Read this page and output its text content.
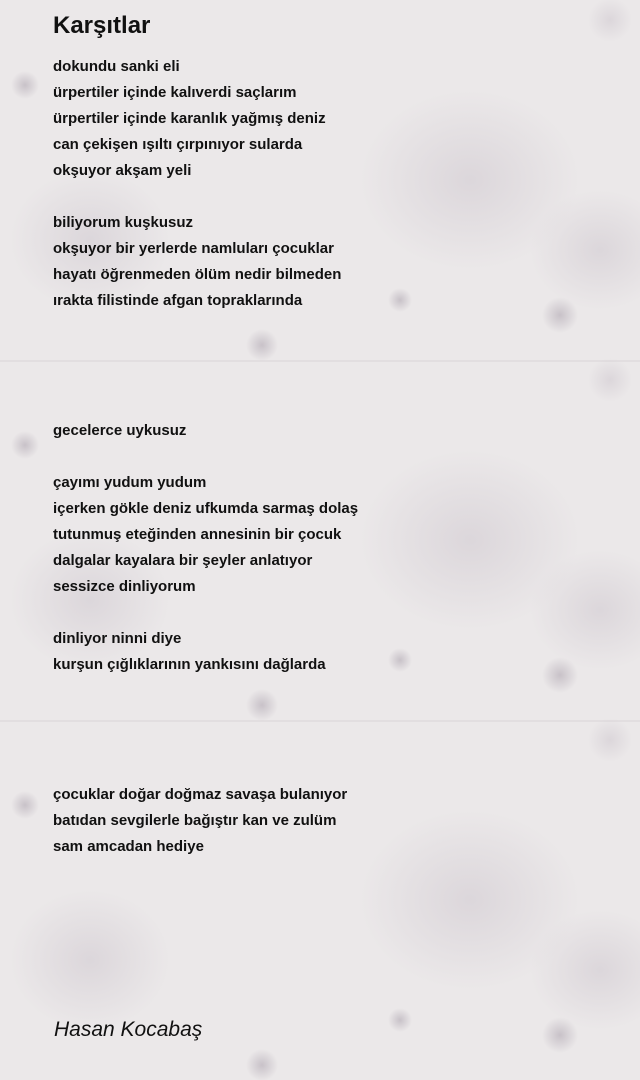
Karşıtlar
dokundu sanki eli
ürpertiler içinde kalıverdi saçlarım
ürpertiler içinde karanlık yağmış deniz
can çekişen ışıltı çırpınıyor sularda
okşuyor akşam yeli
biliyorum kuşkusuz
okşuyor bir yerlerde namluları çocuklar
hayatı öğrenmeden ölüm nedir bilmeden
ırakta filistinde afgan topraklarında
gecelerce uykusuz
çayımı yudum yudum
içerken gökle deniz ufkumda sarmaş dolaş
tutunmuş eteğinden annesinin bir çocuk
dalgalar kayalara bir şeyler anlatıyor
sessizce dinliyorum
dinliyor ninni diye
kurşun çığlıklarının yankısını dağlarda
çocuklar doğar doğmaz savaşa bulanıyor
batıdan sevgilerle bağıştır kan ve zulüm
sam amcadan hediye

Hasan Kocabaş
